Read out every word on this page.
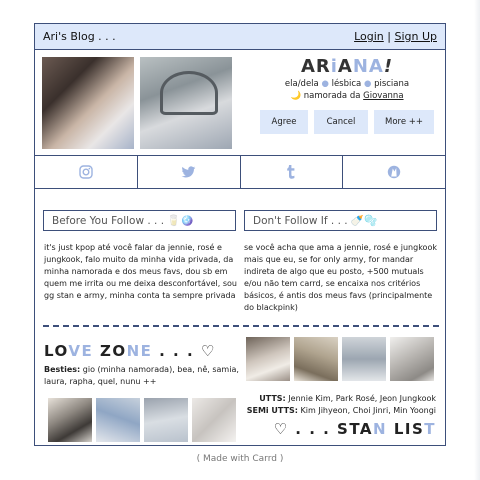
Ari's Blog . . .	Login | Sign Up
ARiANA!
ela/dela ● lésbica ● pisciana
🌙 namorada da Giovanna
Agree	Cancel	More ++
Before You Follow . . . 🥛🪩	Don't Follow If . . . 🍼🫧
LOVE ZONE . . . ♡
Besties: gio (minha namorada), bea, nê, samia, laura, rapha, quel, nunu ++
UTTS: Jennie Kim, Park Rosé, Jeon Jungkook
SEMi UTTS: Kim Jihyeon, Choi Jinri, Min Yoongi
♡ . . . STAN LIST
it's just kpop até você falar da jennie, rosé e jungkook, falo muito da minha vida privada, da minha namorada e dos meus favs, dou sb em quem me irrita ou me deixa desconfortável, sou gg stan e army, minha conta ta sempre privada
se você acha que ama a jennie, rosé e jungkook mais que eu, se for only army, for mandar indireta de algo que eu posto, +500 mutuals e/ou não tem carrd, se encaixa nos critérios básicos, é antis dos meus favs (principalmente do blackpink)
( Made with Carrd )
